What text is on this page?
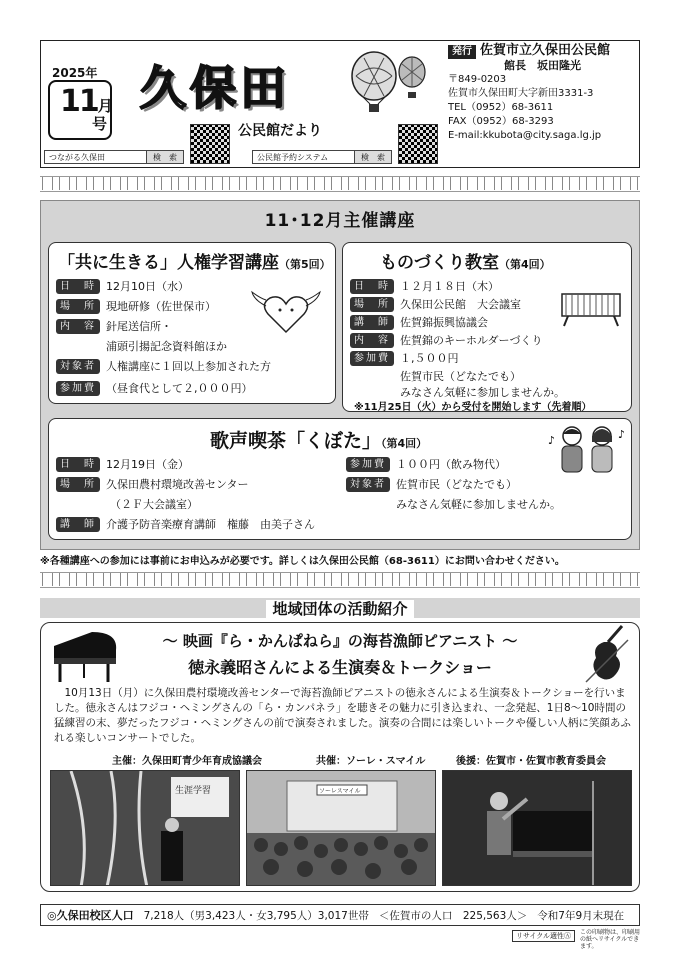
2025年
11月
号
久保田
公民館だより
つながる久保田	検　索	公民館予約システム	検　索
発行 佐賀市立久保田公民館
館長　坂田隆光
〒849-0203
佐賀市久保田町大字新田3331-3
TEL（0952）68-3611
FAX（0952）68-3293
E-mail:kkubota@city.saga.lg.jp
11･12月主催講座
「共に生きる」人権学習講座（第5回）
日　時 12月10日（水）
場　所 現地研修（佐世保市）
内　容 針尾送信所・
浦頭引揚記念資料館ほか
対象者 人権講座に１回以上参加された方
参加費 （昼食代として２,０００円）
ものづくり教室（第4回）
日　時 １２月１８日（木）
場　所 久保田公民館　大会議室
講　師 佐賀錦振興協議会
内　容 佐賀錦のキーホルダーづくり
参加費 １,５００円
佐賀市民（どなたでも）
みなさん気軽に参加しませんか。
※11月25日（火）から受付を開始します（先着順）
歌声喫茶「くぼた」（第4回）
日　時 12月19日（金）
場　所 久保田農村環境改善センター
（２Ｆ大会議室）
講　師 介護予防音楽療育講師　権藤　由美子さん
参加費 １００円（飲み物代）
対象者 佐賀市民（どなたでも）
みなさん気軽に参加しませんか。
♪	♪
※各種講座への参加には事前にお申込みが必要です。詳しくは久保田公民館（68-3611）にお問い合わせください。
地域団体の活動紹介
～ 映画『ら・かんぱねら』の海苔漁師ピアニスト ～
徳永義昭さんによる生演奏＆トークショー
10月13日（月）に久保田農村環境改善センターで海苔漁師ピアニストの徳永さんによる生演奏＆トークショーを行いました。徳永さんはフジコ・ヘミングさんの「ら・カンパネラ」を聴きその魅力に引き込まれ、一念発起、1日8～10時間の猛練習の末、夢だったフジコ・ヘミングさんの前で演奏されました。演奏の合間には楽しいトークや優しい人柄に笑顔あふれる楽しいコンサートでした。
主催：久保田町青少年育成協議会	共催：ソーレ・スマイル	後援：佐賀市・佐賀市教育委員会
生涯学習	ソーレスマイル
◎久保田校区人口 7,218人（男3,423人・女3,795人）3,017世帯 ＜佐賀市の人口　225,563人＞ 令和7年9月末現在
リサイクル適性Ⓐ	この印刷物は、印刷用の紙へリサイクルできます。
